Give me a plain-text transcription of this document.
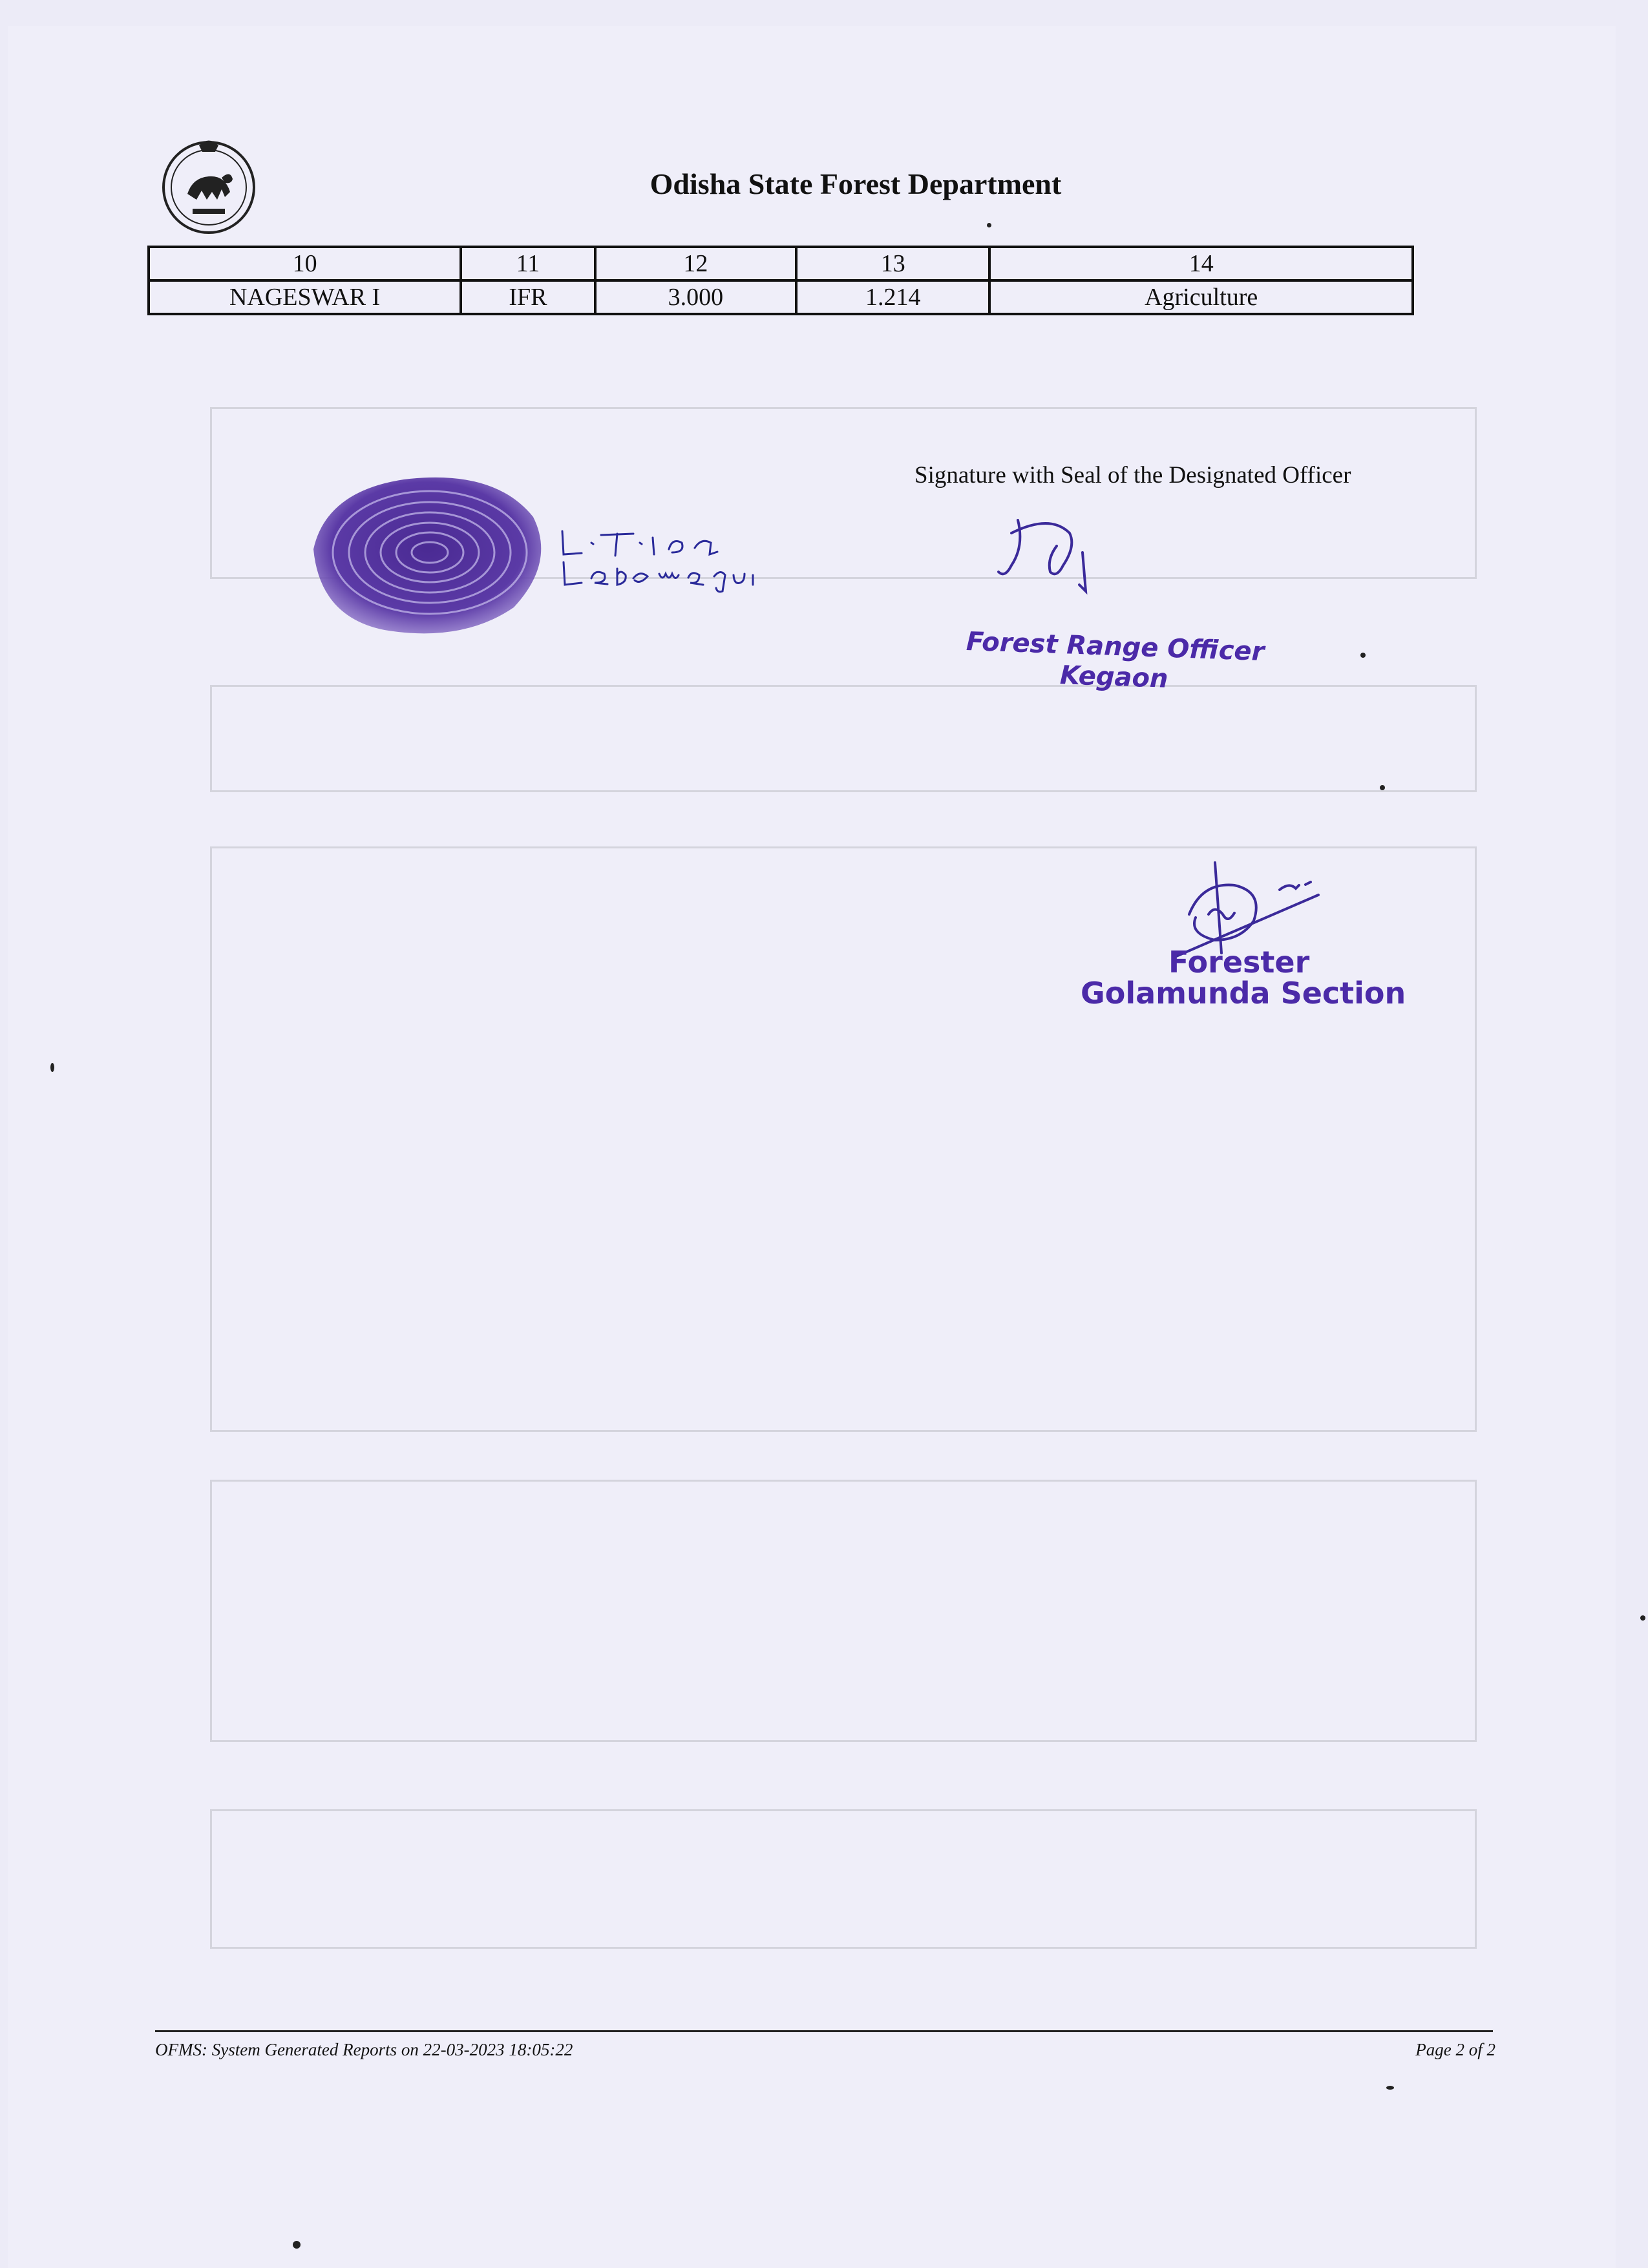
Odisha State Forest Department
10	11	12	13	14
NAGESWAR I	IFR	3.000	1.214	Agriculture
Signature with Seal of the Designated Officer
Forest Range Officer
Kegaon
Forester
Golamunda Section
OFMS: System Generated Reports on 22-03-2023 18:05:22	Page 2 of 2
